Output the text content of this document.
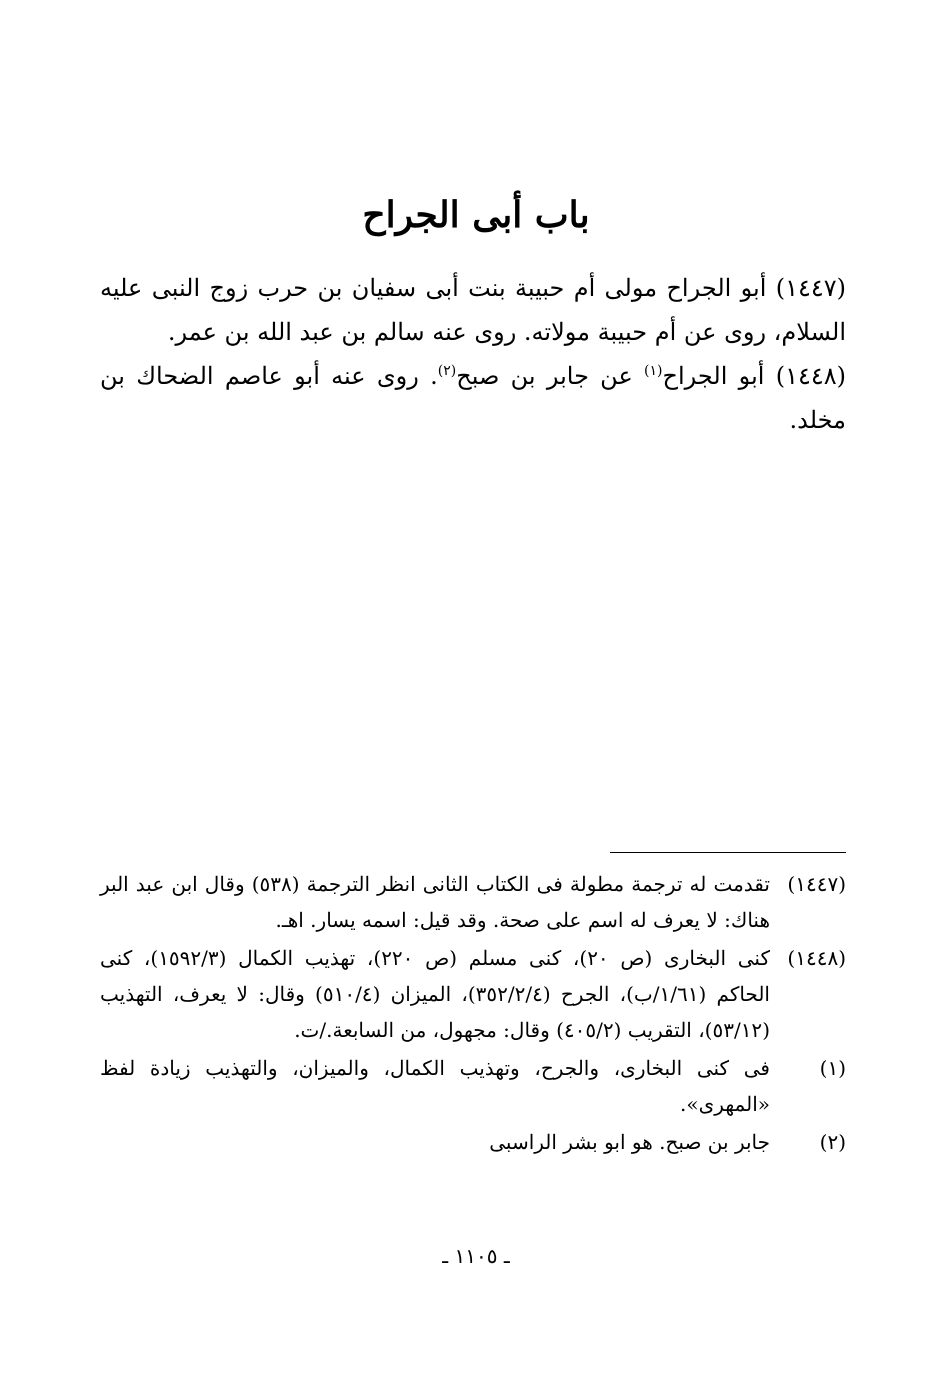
باب أبى الجراح

(١٤٤٧) أبو الجراح مولى أم حبيبة بنت أبى سفيان بن حرب زوج النبى عليه السلام، روى عن أم حبيبة مولاته. روى عنه سالم بن عبد الله بن عمر.

(١٤٤٨) أبو الجراح$^{(١)}$ عن جابر بن صبح$^{(٢)}$. روى عنه أبو عاصم الضحاك بن مخلد.

(١٤٤٧)
تقدمت له ترجمة مطولة فى الكتاب الثانى انظر الترجمة (٥٣٨) وقال ابن عبد البر هناك: لا يعرف له اسم على صحة. وقد قيل: اسمه يسار. اهـ.
(١٤٤٨)
كنى البخارى (ص ٢٠)، كنى مسلم (ص ٢٢٠)، تهذيب الكمال (١٥٩٢/٣)، كنى الحاكم (١/٦١/ب)، الجرح (٣٥٢/٢/٤)، الميزان (٥١٠/٤) وقال: لا يعرف، التهذيب (٥٣/١٢)، التقريب (٤٠٥/٢) وقال: مجهول، من السابعة./ت.
(١)
فى كنى البخارى، والجرح، وتهذيب الكمال، والميزان، والتهذيب زيادة لفظ «المهرى».
(٢)
جابر بن صبح. هو ابو بشر الراسبى
ـ ١١٠٥ ـ
